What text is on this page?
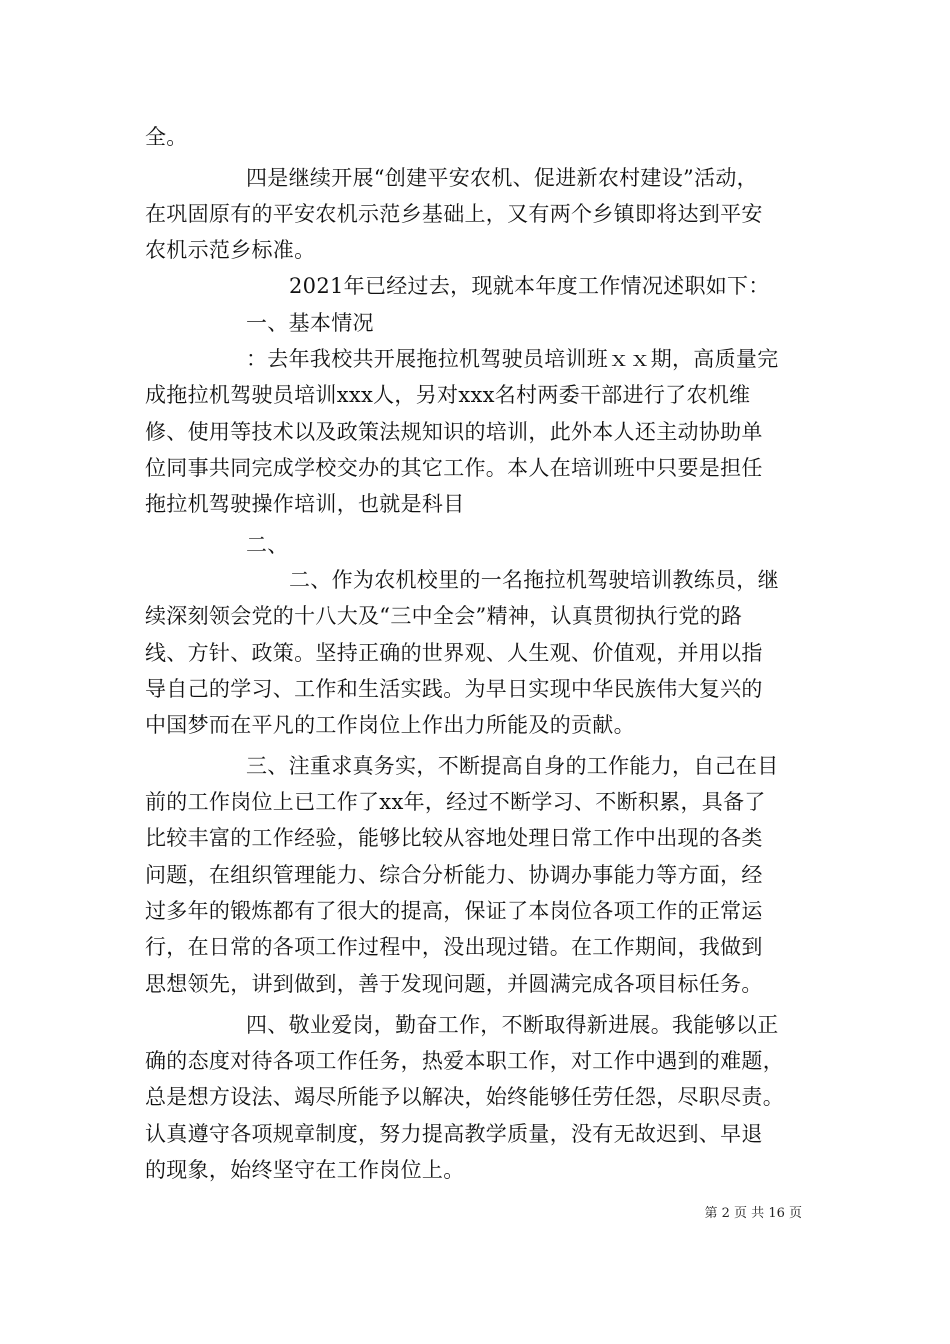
全。
四是继续开展“创建平安农机、促进新农村建设”活动，
在巩固原有的平安农机示范乡基础上，又有两个乡镇即将达到平安
农机示范乡标准。
2021年已经过去，现就本年度工作情况述职如下：
一、基本情况
：去年我校共开展拖拉机驾驶员培训班ｘｘ期，高质量完
成拖拉机驾驶员培训xxx人，另对xxx名村两委干部进行了农机维
修、使用等技术以及政策法规知识的培训，此外本人还主动协助单
位同事共同完成学校交办的其它工作。本人在培训班中只要是担任
拖拉机驾驶操作培训，也就是科目
二、
二、作为农机校里的一名拖拉机驾驶培训教练员，继
续深刻领会党的十八大及“三中全会”精神，认真贯彻执行党的路
线、方针、政策。坚持正确的世界观、人生观、价值观，并用以指
导自己的学习、工作和生活实践。为早日实现中华民族伟大复兴的
中国梦而在平凡的工作岗位上作出力所能及的贡献。
三、注重求真务实，不断提高自身的工作能力，自己在目
前的工作岗位上已工作了xx年，经过不断学习、不断积累，具备了
比较丰富的工作经验，能够比较从容地处理日常工作中出现的各类
问题，在组织管理能力、综合分析能力、协调办事能力等方面，经
过多年的锻炼都有了很大的提高，保证了本岗位各项工作的正常运
行，在日常的各项工作过程中，没出现过错。在工作期间，我做到
思想领先，讲到做到，善于发现问题，并圆满完成各项目标任务。
四、敬业爱岗，勤奋工作，不断取得新进展。我能够以正
确的态度对待各项工作任务，热爱本职工作，对工作中遇到的难题，
总是想方设法、竭尽所能予以解决，始终能够任劳任怨，尽职尽责。
认真遵守各项规章制度，努力提高教学质量，没有无故迟到、早退
的现象，始终坚守在工作岗位上。
第 2 页 共 16 页
